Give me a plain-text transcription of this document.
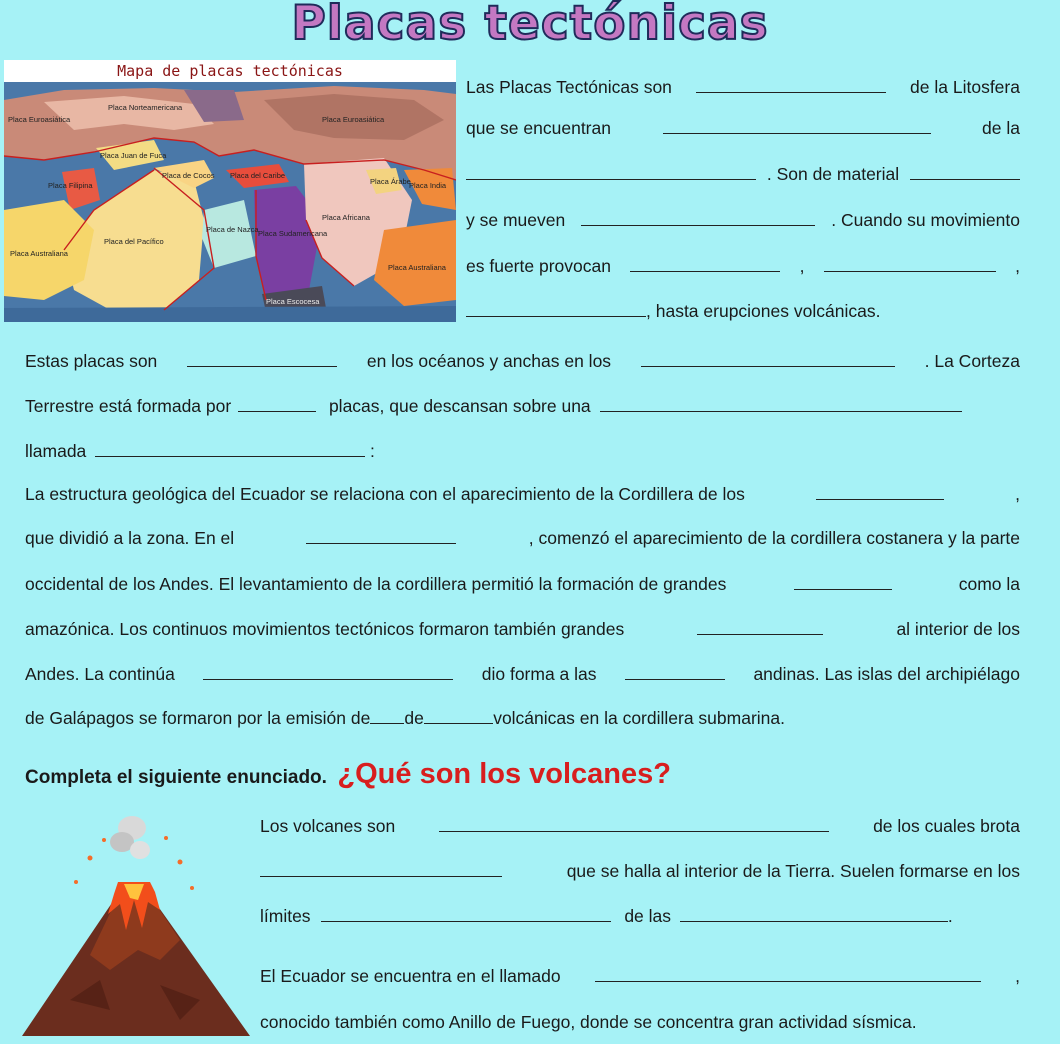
Placas tectónicas
Mapa de placas tectónicas
Placa Euroasiática
Placa Norteamericana
Placa Euroasiática
Placa Juan de Fuca
Placa Filipina
Placa de Cocos Placa del Caribe
Placa Árabe
Placa India
Placa del Pacífico
Placa de Nazca Placa Sudamericana
Placa Africana
Placa Australiana
Placa Australiana
Placa Escocesa
Las Placas Tectónicas son	de la Litosfera
que se encuentran	de la
. Son de material
y se mueven	. Cuando su movimiento
es fuerte provocan	,	,
, hasta erupciones volcánicas.
Estas placas son	en los océanos y anchas en los	. La Corteza
Terrestre está formada por	placas, que descansan sobre una
llamada	:
La estructura geológica del Ecuador se relaciona con el aparecimiento de la Cordillera de los	,
que dividió a la zona. En el	, comenzó el aparecimiento de la cordillera costanera y la parte
occidental de los Andes. El levantamiento de la cordillera permitió la formación de grandes	como la
amazónica. Los continuos movimientos tectónicos formaron también grandes	al interior de los
Andes. La continúa	dio forma a las	andinas. Las islas del archipiélago
de Galápagos se formaron por la emisión de de	volcánicas en la cordillera submarina.
Completa el siguiente enunciado. ¿Qué son los volcanes?
Los volcanes son	de los cuales brota
que se halla al interior de la Tierra. Suelen formarse en los
límites	de las	.
El Ecuador se encuentra en el llamado	,
conocido también como Anillo de Fuego, donde se concentra gran actividad sísmica.
